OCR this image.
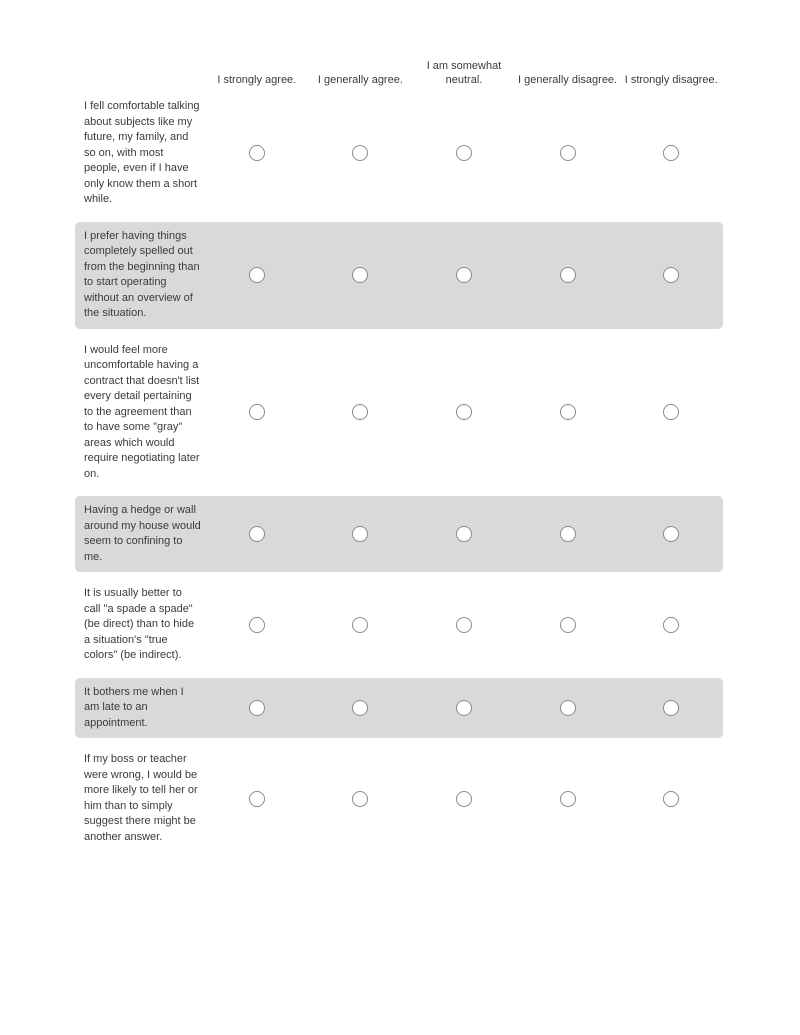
I strongly agree. I generally agree.
I am somewhat neutral.	I generally disagree. I strongly disagree.
I fell comfortable talking about subjects like my future, my family, and so on, with most people, even if I have only know them a short while.
I prefer having things completely spelled out from the beginning than to start operating without an overview of the situation.
I would feel more uncomfortable having a contract that doesn't list every detail pertaining to the agreement than to have some "gray" areas which would require negotiating later on.
Having a hedge or wall around my house would seem to confining to me.
It is usually better to call "a spade a spade" (be direct) than to hide a situation's "true colors" (be indirect).
It bothers me when I am late to an appointment.
If my boss or teacher were wrong, I would be more likely to tell her or him than to simply suggest there might be another answer.
